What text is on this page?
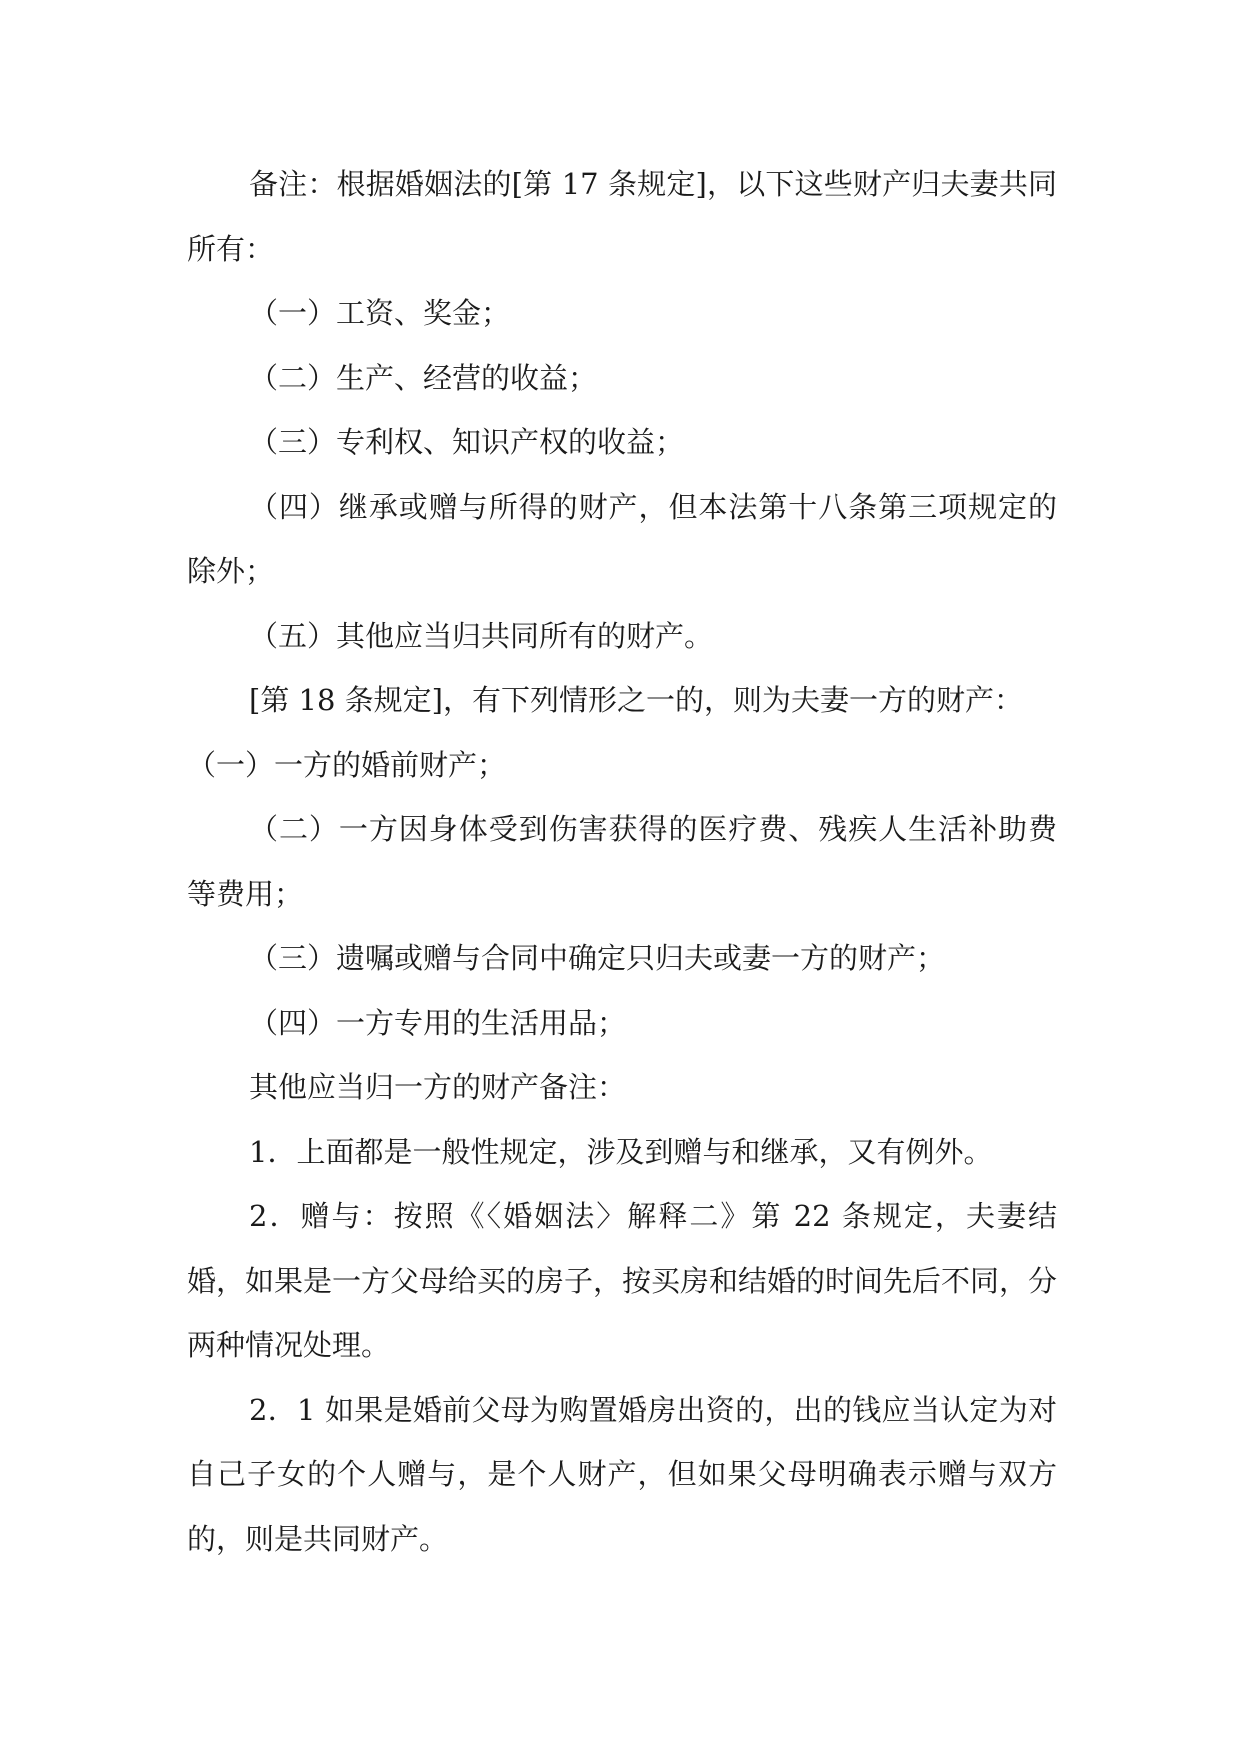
备注：根据婚姻法的[第 17 条规定]，以下这些财产归夫妻共同所有：

（一）工资、奖金；

（二）生产、经营的收益；

（三）专利权、知识产权的收益；

（四）继承或赠与所得的财产，但本法第十八条第三项规定的除外；

（五）其他应当归共同所有的财产。

[第 18 条规定]，有下列情形之一的，则为夫妻一方的财产：

（一）一方的婚前财产；

（二）一方因身体受到伤害获得的医疗费、残疾人生活补助费等费用；

（三）遗嘱或赠与合同中确定只归夫或妻一方的财产；

（四）一方专用的生活用品；

其他应当归一方的财产备注：

1．上面都是一般性规定，涉及到赠与和继承，又有例外。

2．赠与：按照《〈婚姻法〉解释二》第 22 条规定，夫妻结婚，如果是一方父母给买的房子，按买房和结婚的时间先后不同，分两种情况处理。

2．1 如果是婚前父母为购置婚房出资的，出的钱应当认定为对自己子女的个人赠与，是个人财产，但如果父母明确表示赠与双方的，则是共同财产。
